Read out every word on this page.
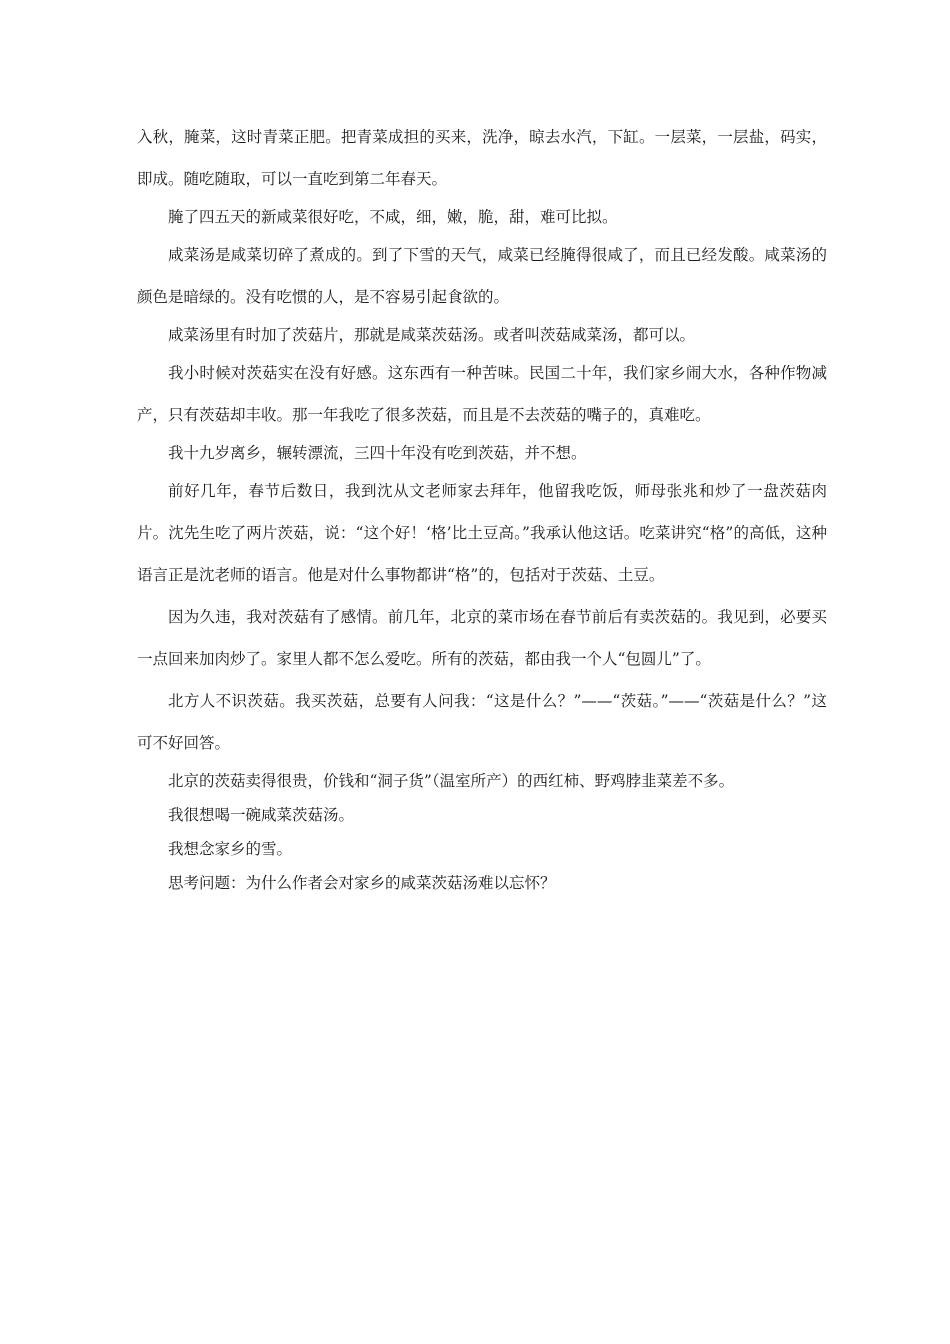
入秋，腌菜，这时青菜正肥。把青菜成担的买来，洗净，晾去水汽，下缸。一层菜，一层盐，码实，即成。随吃随取，可以一直吃到第二年春天。

腌了四五天的新咸菜很好吃，不咸，细，嫩，脆，甜，难可比拟。

咸菜汤是咸菜切碎了煮成的。到了下雪的天气，咸菜已经腌得很咸了，而且已经发酸。咸菜汤的颜色是暗绿的。没有吃惯的人，是不容易引起食欲的。

咸菜汤里有时加了茨菇片，那就是咸菜茨菇汤。或者叫茨菇咸菜汤，都可以。

我小时候对茨菇实在没有好感。这东西有一种苦味。民国二十年，我们家乡闹大水，各种作物减产，只有茨菇却丰收。那一年我吃了很多茨菇，而且是不去茨菇的嘴子的，真难吃。

我十九岁离乡，辗转漂流，三四十年没有吃到茨菇，并不想。

前好几年，春节后数日，我到沈从文老师家去拜年，他留我吃饭，师母张兆和炒了一盘茨菇肉片。沈先生吃了两片茨菇，说：“这个好！‘格’比土豆高。”我承认他这话。吃菜讲究“格”的高低，这种语言正是沈老师的语言。他是对什么事物都讲“格”的，包括对于茨菇、土豆。

因为久违，我对茨菇有了感情。前几年，北京的菜市场在春节前后有卖茨菇的。我见到，必要买一点回来加肉炒了。家里人都不怎么爱吃。所有的茨菇，都由我一个人“包圆儿”了。

北方人不识茨菇。我买茨菇，总要有人问我：“这是什么？”——“茨菇。”——“茨菇是什么？”这可不好回答。

北京的茨菇卖得很贵，价钱和“洞子货”（温室所产）的西红柿、野鸡脖韭菜差不多。

我很想喝一碗咸菜茨菇汤。

我想念家乡的雪。

思考问题：为什么作者会对家乡的咸菜茨菇汤难以忘怀？
